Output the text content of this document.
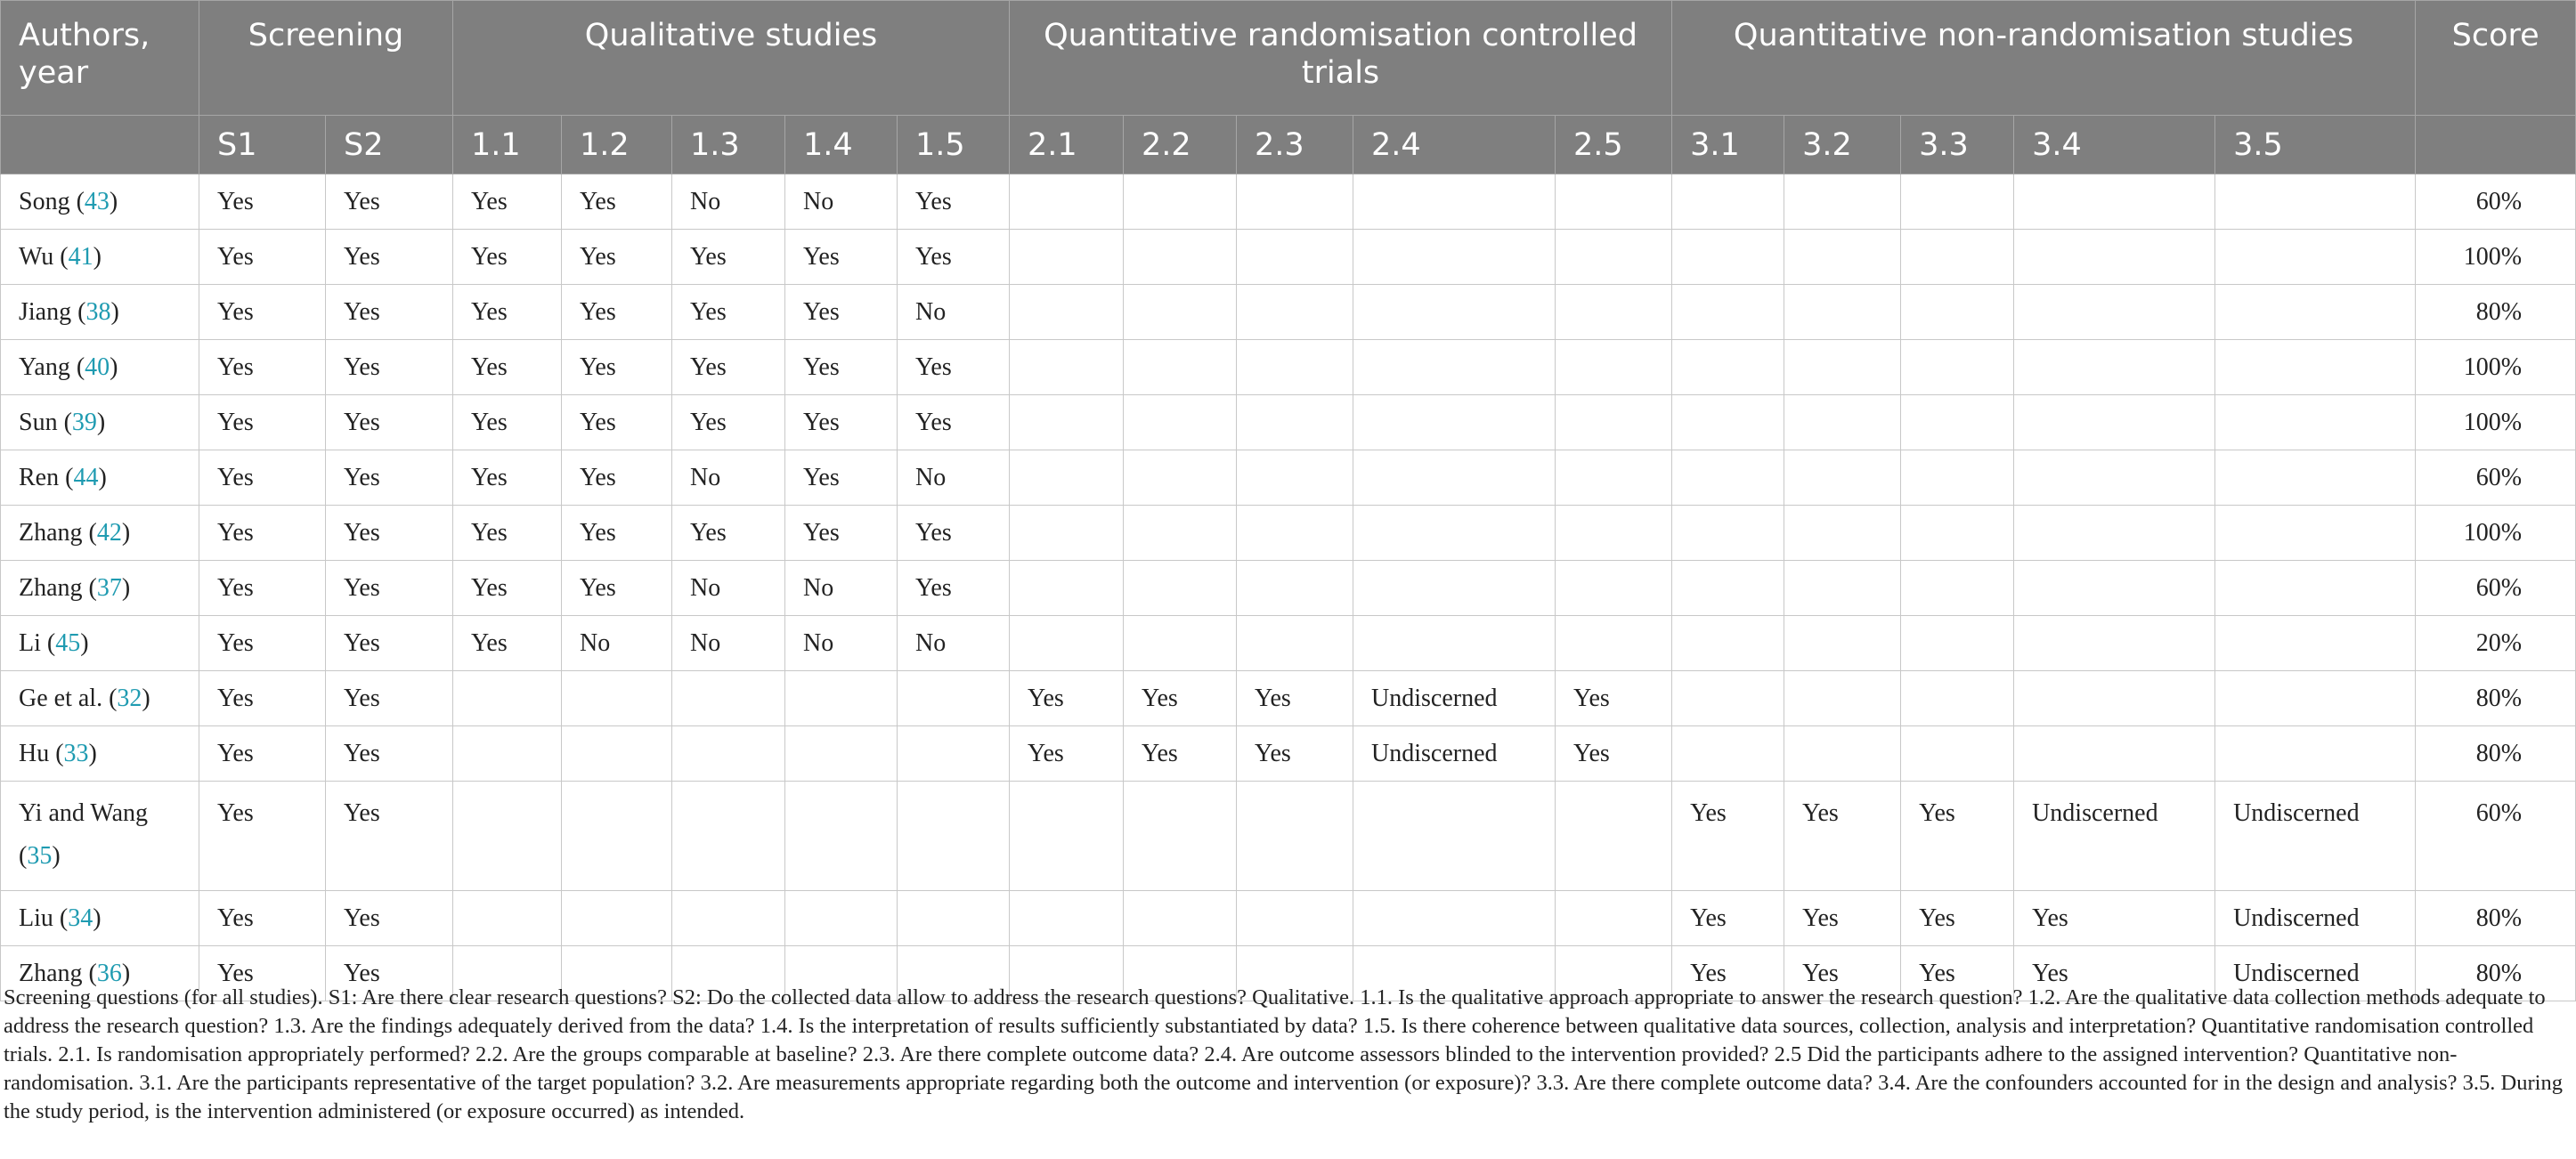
Authors, year	Screening		Qualitative studies					Quantitative randomisation controlled trials					Quantitative non-randomisation studies					Score
	S1	S2	1.1	1.2	1.3	1.4	1.5	2.1	2.2	2.3	2.4	2.5	3.1	3.2	3.3	3.4	3.5	
Song (43)	Yes	Yes	Yes	Yes	No	No	Yes											60%
Wu (41)	Yes	Yes	Yes	Yes	Yes	Yes	Yes											100%
Jiang (38)	Yes	Yes	Yes	Yes	Yes	Yes	No											80%
Yang (40)	Yes	Yes	Yes	Yes	Yes	Yes	Yes											100%
Sun (39)	Yes	Yes	Yes	Yes	Yes	Yes	Yes											100%
Ren (44)	Yes	Yes	Yes	Yes	No	Yes	No											60%
Zhang (42)	Yes	Yes	Yes	Yes	Yes	Yes	Yes											100%
Zhang (37)	Yes	Yes	Yes	Yes	No	No	Yes											60%
Li (45)	Yes	Yes	Yes	No	No	No	No											20%
Ge et al. (32)	Yes	Yes						Yes	Yes	Yes	Undiscerned	Yes						80%
Hu (33)	Yes	Yes						Yes	Yes	Yes	Undiscerned	Yes						80%
Yi and Wang (35)	Yes	Yes											Yes	Yes	Yes	Undiscerned	Undiscerned	60%
Liu (34)	Yes	Yes											Yes	Yes	Yes	Yes	Undiscerned	80%
Zhang (36)	Yes	Yes											Yes	Yes	Yes	Yes	Undiscerned	80%
Screening questions (for all studies). S1: Are there clear research questions? S2: Do the collected data allow to address the research questions? Qualitative. 1.1. Is the qualitative approach appropriate to answer the research question? 1.2. Are the qualitative data collection methods adequate to address the research question? 1.3. Are the findings adequately derived from the data? 1.4. Is the interpretation of results sufficiently substantiated by data? 1.5. Is there coherence between qualitative data sources, collection, analysis and interpretation? Quantitative randomisation controlled trials. 2.1. Is randomisation appropriately performed? 2.2. Are the groups comparable at baseline? 2.3. Are there complete outcome data? 2.4. Are outcome assessors blinded to the intervention provided? 2.5 Did the participants adhere to the assigned intervention? Quantitative non-randomisation. 3.1. Are the participants representative of the target population? 3.2. Are measurements appropriate regarding both the outcome and intervention (or exposure)? 3.3. Are there complete outcome data? 3.4. Are the confounders accounted for in the design and analysis? 3.5. During the study period, is the intervention administered (or exposure occurred) as intended.
